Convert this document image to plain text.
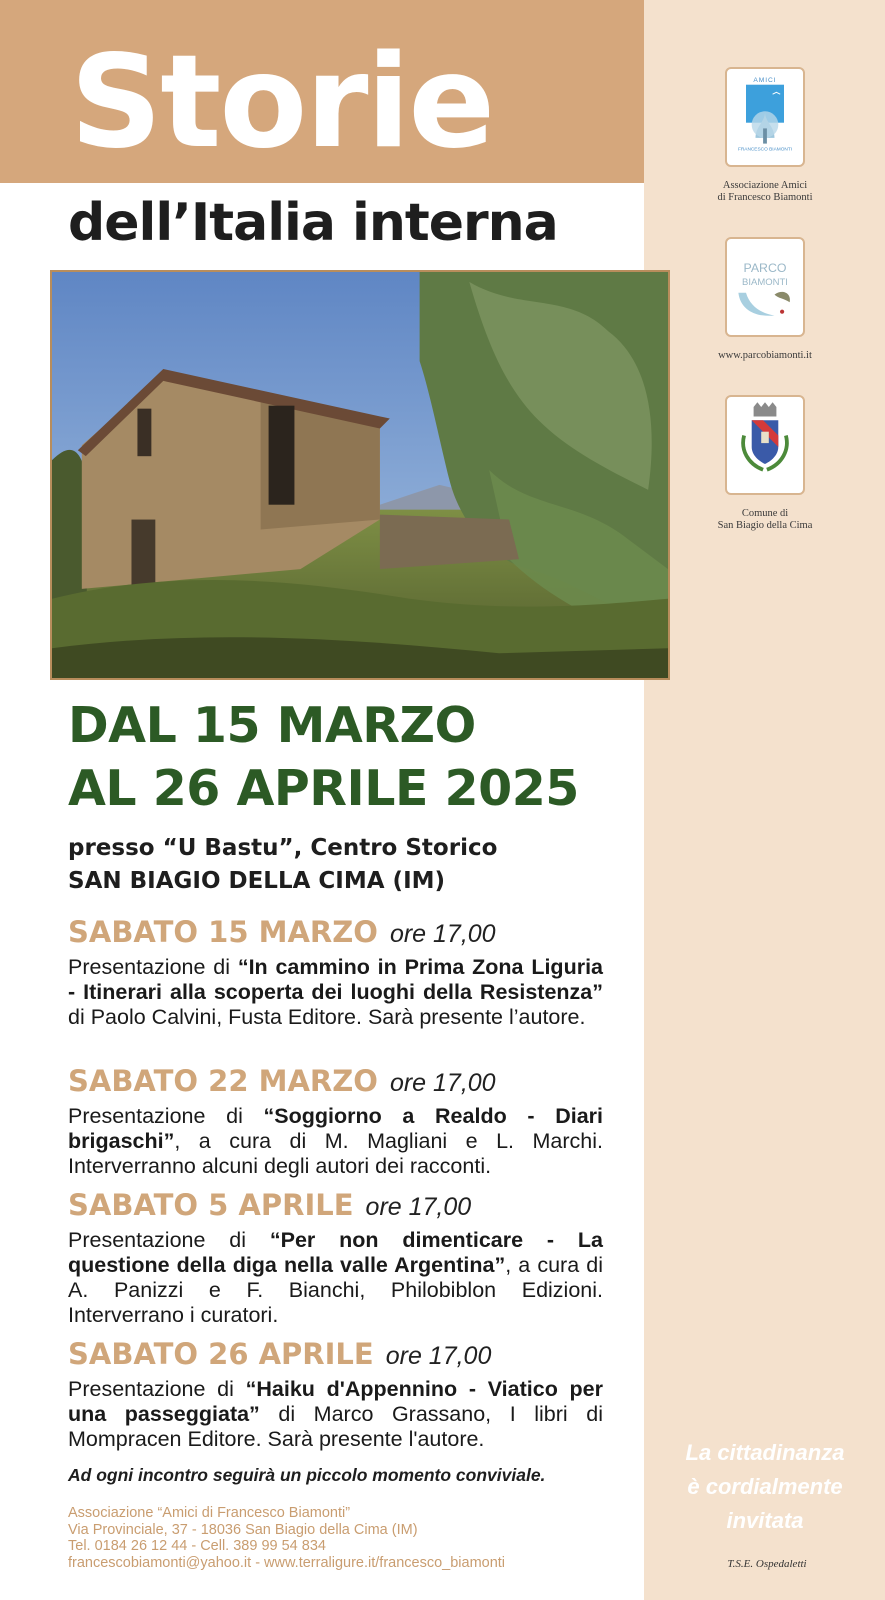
Storie
dell’Italia interna
DAL 15 MARZO
AL 26 APRILE 2025
presso “U Bastu”, Centro Storico
SAN BIAGIO DELLA CIMA (IM)
SABATO 15 MARZO ore 17,00
Presentazione di “In cammino in Prima Zona Liguria - Itinerari alla scoperta dei luoghi della Resistenza” di Paolo Calvini, Fusta Editore. Sarà presente l’autore.
SABATO 22 MARZO ore 17,00
Presentazione di “Soggiorno a Realdo - Diari brigaschi”, a cura di M. Magliani e L. Marchi. Interverranno alcuni degli autori dei racconti.
SABATO 5 APRILE ore 17,00
Presentazione di “Per non dimenticare - La questione della diga nella valle Argentina”, a cura di A. Panizzi e F. Bianchi, Philobiblon Edizioni. Interverrano i curatori.
SABATO 26 APRILE ore 17,00
Presentazione di “Haiku d'Appennino - Viatico per una passeggiata” di Marco Grassano, I libri di Mompracen Editore. Sarà presente l'autore.
Ad ogni incontro seguirà un piccolo momento conviviale.
Associazione “Amici di Francesco Biamonti”
Via Provinciale, 37 - 18036 San Biagio della Cima (IM)
Tel. 0184 26 12 44 - Cell. 389 99 54 834
francescobiamonti@yahoo.it - www.terraligure.it/francesco_biamonti
AMICI
FRANCESCO BIAMONTI
Associazione Amici
di Francesco Biamonti
PARCO
BIAMONTI
www.parcobiamonti.it
Comune di
San Biagio della Cima
La cittadinanza
è cordialmente
invitata
T.S.E. Ospedaletti
